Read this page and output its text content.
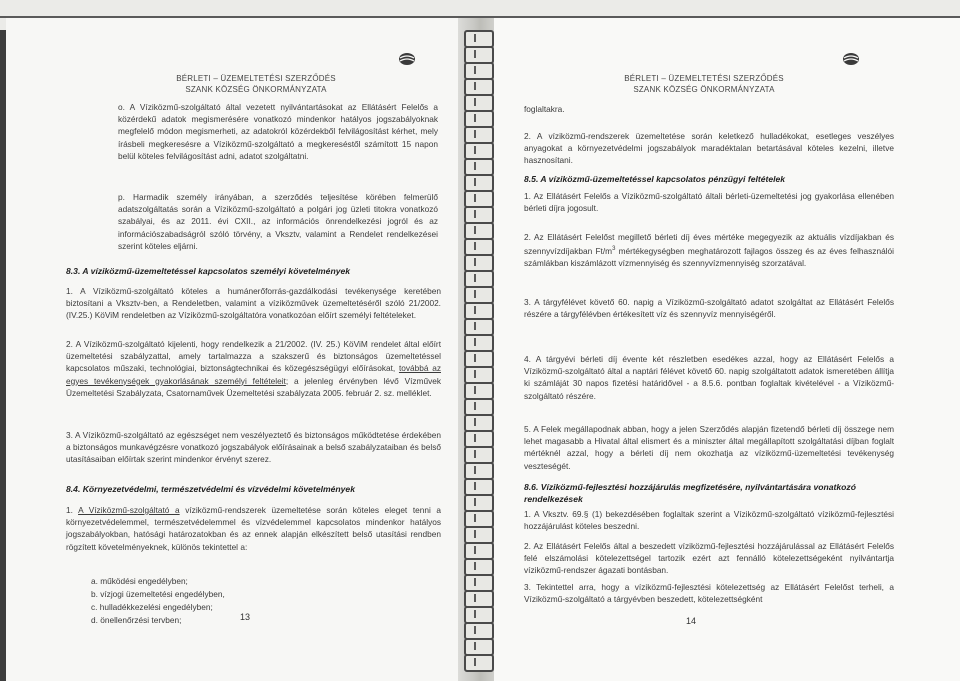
BÉRLETI – ÜZEMELTETÉSI SZERZŐDÉS
SZANK KÖZSÉG ÖNKORMÁNYZATA
o. A Víziközmű-szolgáltató által vezetett nyilvántartásokat az Ellátásért Felelős a közérdekű adatok megismerésére vonatkozó mindenkor hatályos jogszabályoknak megfelelő módon megismerheti, az adatokról közérdekből felvilágosítást kérhet, mely írásbeli megkeresésre a Víziközmű-szolgáltató a megkereséstől számított 15 napon belül köteles felvilágosítást adni, adatot szolgáltatni.
p. Harmadik személy irányában, a szerződés teljesítése körében felmerülő adatszolgáltatás során a Víziközmű-szolgáltató a polgári jog üzleti titokra vonatkozó szabályai, és az 2011. évi CXII., az információs önrendelkezési jogról és az információszabadságról szóló törvény, a Vksztv, valamint a Rendelet rendelkezései szerint köteles eljárni.
8.3. A víziközmű-üzemeltetéssel kapcsolatos személyi követelmények
1. A Víziközmű-szolgáltató köteles a humánerőforrás-gazdálkodási tevékenysége keretében biztosítani a Vksztv-ben, a Rendeletben, valamint a víziközművek üzemeltetéséről szóló 21/2002. (IV.25.) KöViM rendeletben az Víziközmű-szolgáltatóra vonatkozóan előírt személyi feltételeket.
2. A Víziközmű-szolgáltató kijelenti, hogy rendelkezik a 21/2002. (IV. 25.) KöViM rendelet által előírt üzemeltetési szabályzattal, amely tartalmazza a szakszerű és biztonságos üzemeltetéssel kapcsolatos műszaki, technológiai, biztonságtechnikai és közegészségügyi előírásokat, továbbá az egyes tevékenységek gyakorlásának személyi feltételeit; a jelenleg érvényben lévő Vízművek Üzemeltetési Szabályzata, Csatornaművek Üzemeltetési szabályzata 2005. február 2. sz. melléklet.
3. A Víziközmű-szolgáltató az egészséget nem veszélyeztető és biztonságos működtetése érdekében a biztonságos munkavégzésre vonatkozó jogszabályok előírásainak a belső szabályzataiban és belső utasításaiban előírtak szerint mindenkor érvényt szerez.
8.4. Környezetvédelmi, természetvédelmi és vízvédelmi követelmények
1. A Víziközmű-szolgáltató a víziközmű-rendszerek üzemeltetése során köteles eleget tenni a környezetvédelemmel, természetvédelemmel és vízvédelemmel kapcsolatos mindenkor hatályos jogszabályokban, hatósági határozatokban és az ennek alapján elkészített belső utasítási rendben rögzített követelményeknek, különös tekintettel a:
a. működési engedélyben;
b. vízjogi üzemeltetési engedélyben,
c. hulladékkezelési engedélyben;
d. önellenőrzési tervben;	13
BÉRLETI – ÜZEMELTETÉSI SZERZŐDÉS
SZANK KÖZSÉG ÖNKORMÁNYZATA
foglaltakra.
2. A víziközmű-rendszerek üzemeltetése során keletkező hulladékokat, esetleges veszélyes anyagokat a környezetvédelmi jogszabályok maradéktalan betartásával köteles kezelni, illetve hasznosítani.
8.5. A víziközmű-üzemeltetéssel kapcsolatos pénzügyi feltételek
1. Az Ellátásért Felelős a Víziközmű-szolgáltató általi bérleti-üzemeltetési jog gyakorlása ellenében bérleti díjra jogosult.
2. Az Ellátásért Felelőst megillető bérleti díj éves mértéke megegyezik az aktuális vízdíjakban és szennyvízdíjakban $Ft/m^3$ mértékegységben meghatározott fajlagos összeg és az éves felhasználói számlákban kiszámlázott vízmennyiség és szennyvízmennyiség szorzatával.
3. A tárgyfélévet követő 60. napig a Víziközmű-szolgáltató adatot szolgáltat az Ellátásért Felelős részére a tárgyfélévben értékesített víz és szennyvíz mennyiségéről.
4. A tárgyévi bérleti díj évente két részletben esedékes azzal, hogy az Ellátásért Felelős a Víziközmű-szolgáltató által a naptári félévet követő 60. napig szolgáltatott adatok ismeretében állítja ki számláját 30 napos fizetési határidővel - a 8.5.6. pontban foglaltak kivételével - a Víziközmű-szolgáltató részére.
5. A Felek megállapodnak abban, hogy a jelen Szerződés alapján fizetendő bérleti díj összege nem lehet magasabb a Hivatal által elismert és a miniszter által megállapított szolgáltatási díjban foglalt mértéknél azzal, hogy a bérleti díj nem okozhatja az víziközmű-üzemeltetési tevékenység veszteségét.
8.6. Víziközmű-fejlesztési hozzájárulás megfizetésére, nyilvántartására vonatkozó rendelkezések
1. A Vksztv. 69.§ (1) bekezdésében foglaltak szerint a Víziközmű-szolgáltató víziközmű-fejlesztési hozzájárulást köteles beszedni.
2. Az Ellátásért Felelős által a beszedett víziközmű-fejlesztési hozzájárulással az Ellátásért Felelős felé elszámolási kötelezettségel tartozik ezért azt fennálló kötelezettségeként nyilvántartja víziközmű-rendszer ágazati bontásban.
3. Tekintettel arra, hogy a víziközmű-fejlesztési kötelezettség az Ellátásért Felelőst terheli, a Víziközmű-szolgáltató a tárgyévben beszedett, kötelezettségként
14
